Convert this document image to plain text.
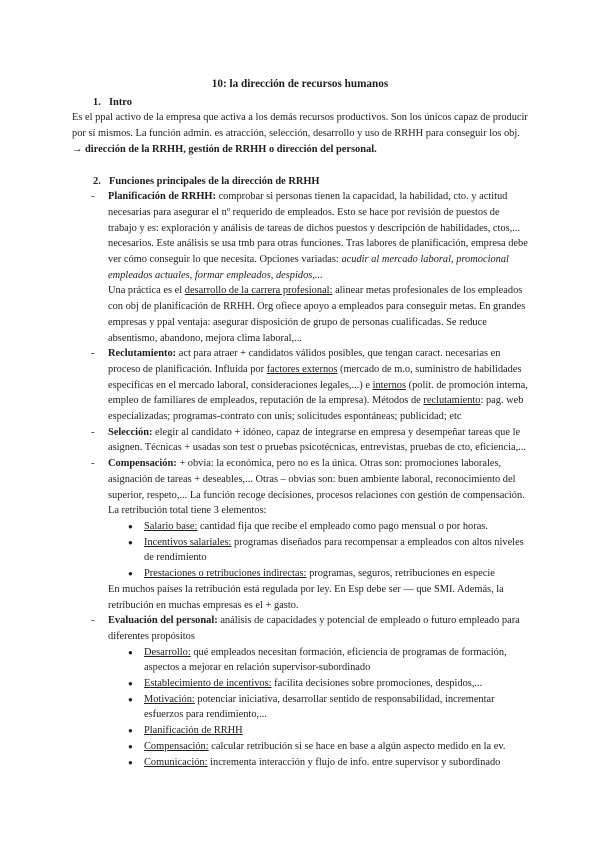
10: la dirección de recursos humanos
1. Intro
Es el ppal activo de la empresa que activa a los demás recursos productivos. Son los únicos capaz de producir por sí mismos. La función admin. es atracción, selección, desarrollo y uso de RRHH para conseguir los obj. → dirección de la RRHH, gestión de RRHH o dirección del personal.
2. Funciones principales de la dirección de RRHH
- Planificación de RRHH: comprobar si personas tienen la capacidad, la habilidad, cto. y actitud necesarias para asegurar el nº requerido de empleados. Esto se hace por revisión de puestos de trabajo y es: exploración y análisis de tareas de dichos puestos y descripción de habilidades, ctos,... necesarios. Este análisis se usa tmb para otras funciones. Tras labores de planificación, empresa debe ver cómo conseguir lo que necesita. Opciones variadas: acudir al mercado laboral, promocional empleados actuales, formar empleados, despidos,...
Una práctica es el desarrollo de la carrera profesional: alinear metas profesionales de los empleados con obj de planificación de RRHH. Org ofiece apoyo a empleados para conseguir metas. En grandes empresas y ppal ventaja: asegurar disposición de grupo de personas cualificadas. Se reduce absentismo, abandono, mejora clima laboral,...
- Reclutamiento: act para atraer + candidatos válidos posibles, que tengan caract. necesarias en proceso de planificación. Influida por factores externos (mercado de m.o, suministro de habilidades específicas en el mercado laboral, consideraciones legales,...) e internos (polít. de promoción interna, empleo de familiares de empleados, reputación de la empresa). Métodos de reclutamiento: pag. web especializadas; programas-contrato con unis; solicitudes espontáneas; publicidad; etc
- Selección: elegir al candidato + idóneo, capaz de integrarse en empresa y desempeñar tareas que le asignen. Técnicas + usadas son test o pruebas psicotécnicas, entrevistas, pruebas de cto, eficiencia,...
- Compensación: + obvia: la económica, pero no es la única. Otras son: promociones laborales, asignación de tareas + deseables,... Otras – obvias son: buen ambiente laboral, reconocimiento del superior, respeto,... La función recoge decisiones, procesos relaciones con gestión de compensación. La retribución total tiene 3 elementos:
● Salario base: cantidad fija que recibe el empleado como pago mensual o por horas.
● Incentivos salariales: programas diseñados para recompensar a empleados con altos niveles de rendimiento
● Prestaciones o retribuciones indirectas: programas, seguros, retribuciones en especie
En muchos países la retribución está regulada por ley. En Esp debe ser — que SMI. Además, la retribución en muchas empresas es el + gasto.
- Evaluación del personal: análisis de capacidades y potencial de empleado o futuro empleado para diferentes propósitos
● Desarrollo: qué empleados necesitan formación, eficiencia de programas de formación, aspectos a mejorar en relación supervisor-subordinado
● Establecimiento de incentivos: facilita decisiones sobre promociones, despidos,...
● Motivación: potenciar iniciativa, desarrollar sentido de responsabilidad, incrementar esfuerzos para rendimiento,...
● Planificación de RRHH
● Compensación: calcular retribución si se hace en base a algún aspecto medido en la ev.
● Comunicación: incrementa interacción y flujo de info. entre supervisor y subordinado
